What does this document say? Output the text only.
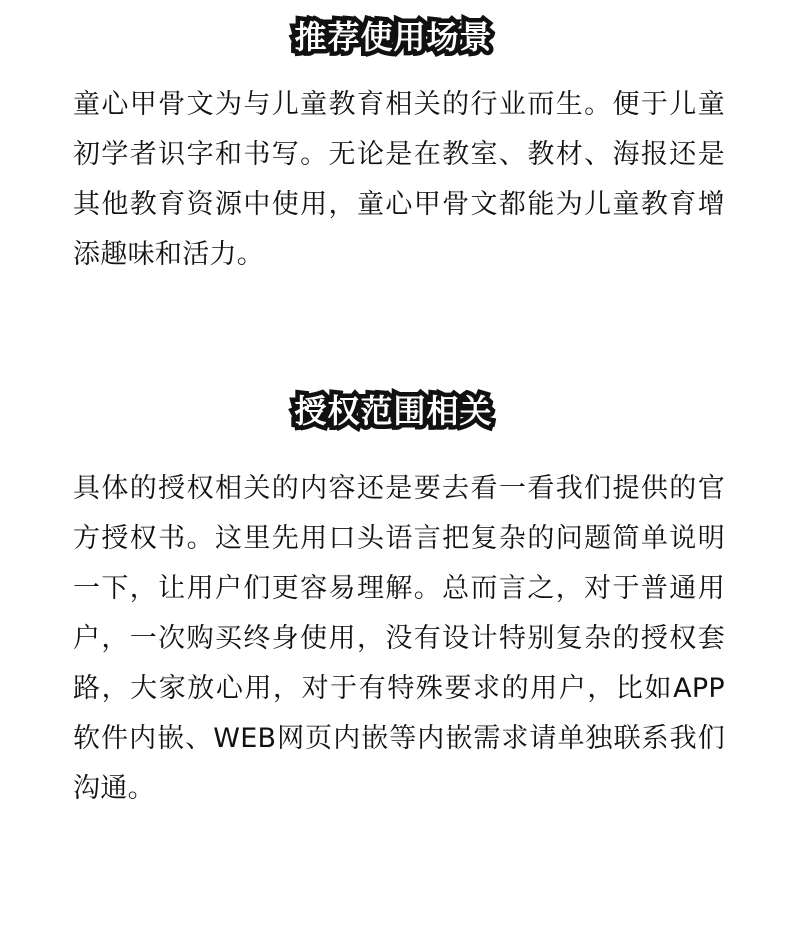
推荐使用场景

童心甲骨文为与儿童教育相关的行业而生。便于儿童初学者识字和书写。无论是在教室、教材、海报还是其他教育资源中使用，童心甲骨文都能为儿童教育增添趣味和活力。

授权范围相关

具体的授权相关的内容还是要去看一看我们提供的官方授权书。这里先用口头语言把复杂的问题简单说明一下，让用户们更容易理解。总而言之，对于普通用户，一次购买终身使用，没有设计特别复杂的授权套路，大家放心用，对于有特殊要求的用户，比如APP软件内嵌、WEB网页内嵌等内嵌需求请单独联系我们沟通。
